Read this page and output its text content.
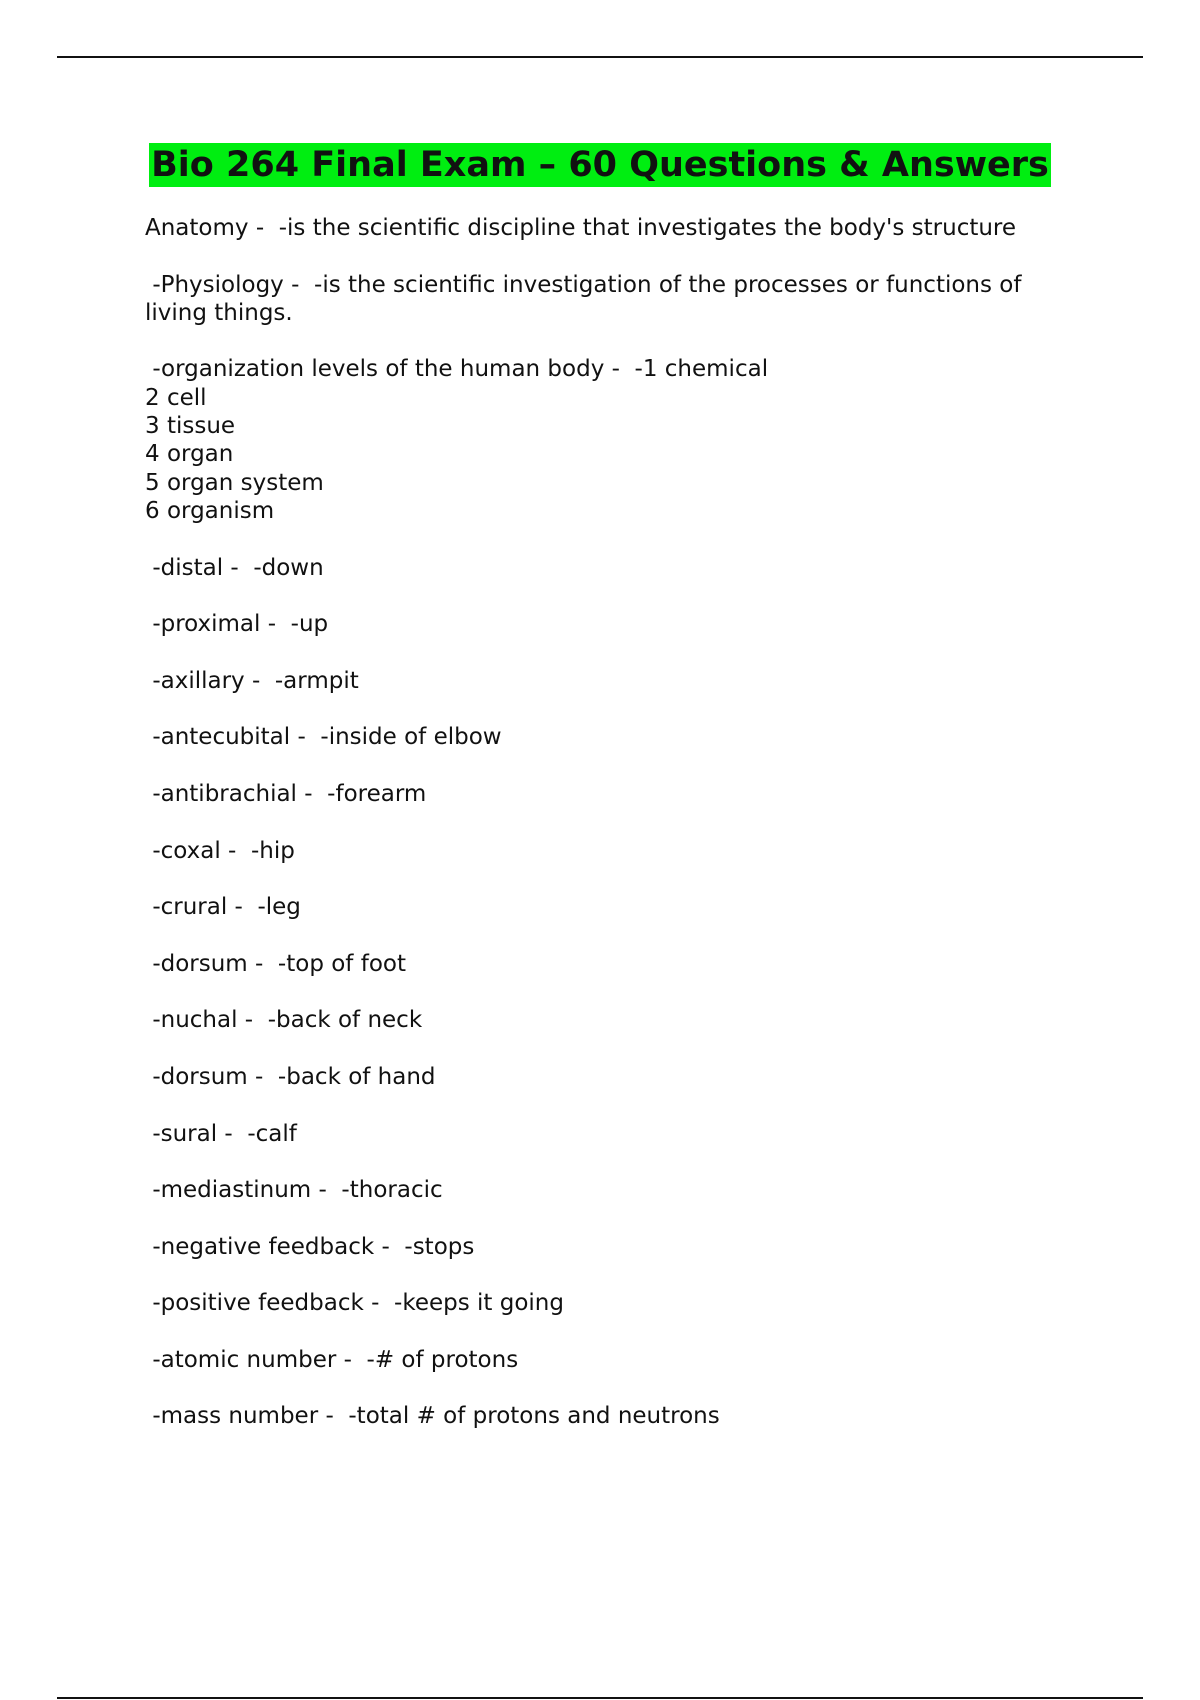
Bio 264 Final Exam – 60 Questions & Answers
Anatomy -  -is the scientific discipline that investigates the body's structure
-Physiology -  -is the scientific investigation of the processes or functions of
living things.
-organization levels of the human body -  -1 chemical
2 cell
3 tissue
4 organ
5 organ system
6 organism
-distal -  -down
-proximal -  -up
-axillary -  -armpit
-antecubital -  -inside of elbow
-antibrachial -  -forearm
-coxal -  -hip
-crural -  -leg
-dorsum -  -top of foot
-nuchal -  -back of neck
-dorsum -  -back of hand
-sural -  -calf
-mediastinum -  -thoracic
-negative feedback -  -stops
-positive feedback -  -keeps it going
-atomic number -  -# of protons
-mass number -  -total # of protons and neutrons
